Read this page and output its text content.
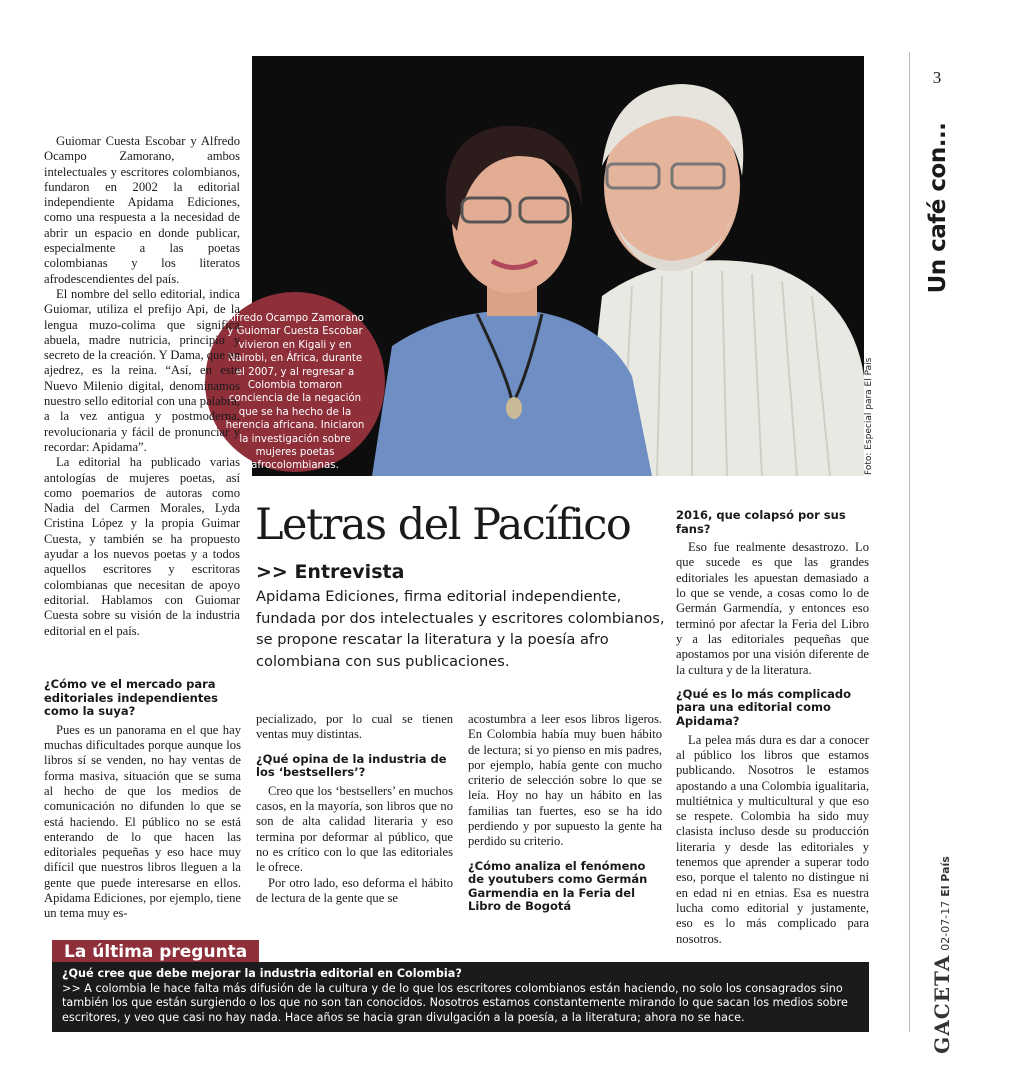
Foto: Especial para El País

Alfredo Ocampo Zamorano y Guiomar Cuesta Escobar vivieron en Kigali y en Nairobi, en África, durante el 2007, y al regresar a Colombia tomaron conciencia de la negación que se ha hecho de la herencia africana. Iniciaron la investigación sobre mujeres poetas afrocolombianas.

Guiomar Cuesta Escobar y Alfredo Ocampo Zamorano, ambos intelectuales y escritores colombianos, fundaron en 2002 la editorial independiente Apidama Ediciones, como una respuesta a la necesidad de abrir un espacio en donde publicar, especialmente a las poetas colombianas y los literatos afrodescendientes del país.

El nombre del sello editorial, indica Guiomar, utiliza el prefijo Api, de la lengua muzo-colima que significa abuela, madre nutricia, principio y secreto de la creación. Y Dama, que en ajedrez, es la reina. “Así, en este Nuevo Milenio digital, denominamos nuestro sello editorial con una palabra, a la vez antigua y postmoderna, revolucionaria y fácil de pronunciar y recordar: Apidama”.

La editorial ha publicado varias antologías de mujeres poetas, así como poemarios de autoras como Nadia del Carmen Morales, Lyda Cristina López y la propia Guimar Cuesta, y también se ha propuesto ayudar a los nuevos poetas y a todos aquellos escritores y escritoras colombianas que necesitan de apoyo editorial. Hablamos con Guiomar Cuesta sobre su visión de la industria editorial en el país.

¿Cómo ve el mercado para editoriales independientes como la suya?

Pues es un panorama en el que hay muchas dificultades porque aunque los libros sí se venden, no hay ventas de forma masiva, situación que se suma al hecho de que los medios de comunicación no difunden lo que se está haciendo. El público no se está enterando de lo que hacen las editoriales pequeñas y eso hace muy difícil que nuestros libros lleguen a la gente que puede interesarse en ellos. Apidama Ediciones, por ejemplo, tiene un tema muy es-

Letras del Pacífico
>> Entrevista
Apidama Ediciones, firma editorial independiente, fundada por dos intelectuales y escritores colombianos, se propone rescatar la literatura y la poesía afro colombiana con sus publicaciones.

pecializado, por lo cual se tienen ventas muy distintas.

¿Qué opina de la industria de los ‘bestsellers’?

Creo que los ‘bestsellers’ en muchos casos, en la mayoría, son libros que no son de alta calidad literaria y eso termina por deformar al público, que no es crítico con lo que las editoriales le ofrece.

Por otro lado, eso deforma el hábito de lectura de la gente que se

acostumbra a leer esos libros ligeros. En Colombia había muy buen hábito de lectura; si yo pienso en mis padres, por ejemplo, había gente con mucho criterio de selección sobre lo que se leía. Hoy no hay un hábito en las familias tan fuertes, eso se ha ido perdiendo y por supuesto la gente ha perdido su criterio.

¿Cómo analiza el fenómeno de youtubers como Germán Garmendia en la Feria del Libro de Bogotá

2016, que colapsó por sus fans?

Eso fue realmente desastrozo. Lo que sucede es que las grandes editoriales les apuestan demasiado a lo que se vende, a cosas como lo de Germán Garmendía, y entonces eso terminó por afectar la Feria del Libro y a las editoriales pequeñas que apostamos por una visión diferente de la cultura y de la literatura.

¿Qué es lo más complicado para una editorial como Apidama?

La pelea más dura es dar a conocer al público los libros que estamos publicando. Nosotros le estamos apostando a una Colombia igualitaria, multiétnica y multicultural y que eso se respete. Colombia ha sido muy clasista incluso desde su producción literaria y desde las editoriales y tenemos que aprender a superar todo eso, porque el talento no distingue ni en edad ni en etnias. Esa es nuestra lucha como editorial y justamente, eso es lo más complicado para nosotros.

3
Un café con...
GACETA 02-07-17 El País
La última pregunta

¿Qué cree que debe mejorar la industria editorial en Colombia?

>> A colombia le hace falta más difusión de la cultura y de lo que los escritores colombianos están haciendo, no solo los consagrados sino también los que están surgiendo o los que no son tan conocidos. Nosotros estamos constantemente mirando lo que sacan los medios sobre escritores, y veo que casi no hay nada. Hace años se hacia gran divulgación a la poesía, a la literatura; ahora no se hace.
